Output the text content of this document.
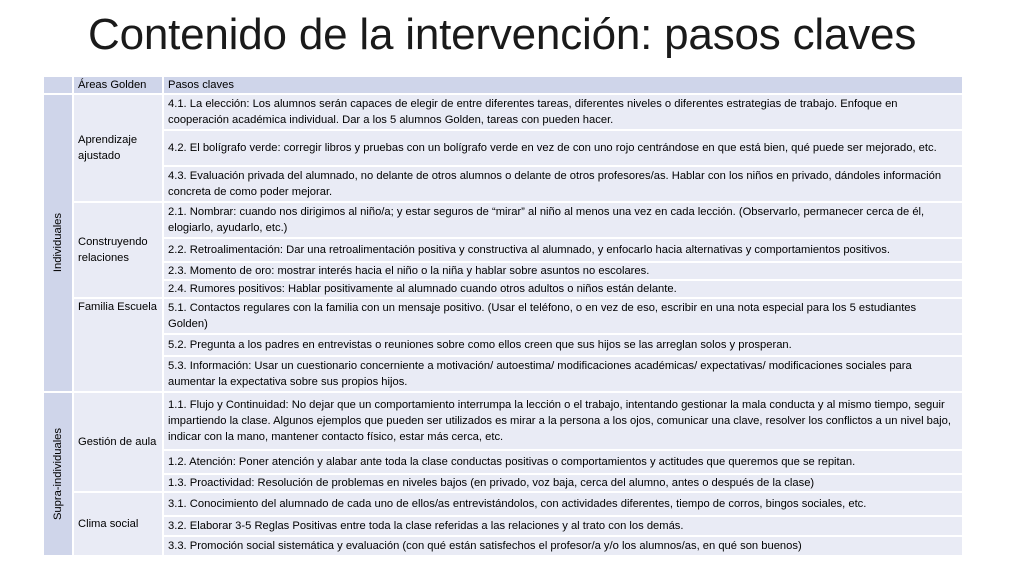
Contenido de la intervención: pasos claves
	Áreas Golden	Pasos claves

Individuales	Aprendizaje ajustado	4.1. La elección: Los alumnos serán capaces de elegir de entre diferentes tareas, diferentes niveles o diferentes estrategias de trabajo. Enfoque en cooperación académica individual. Dar a los 5 alumnos Golden, tareas con pueden hacer.
		4.2. El bolígrafo verde: corregir libros y pruebas con un bolígrafo verde en vez de con uno rojo centrándose en que está bien, qué puede ser mejorado, etc.
		4.3. Evaluación privada del alumnado, no delante de otros alumnos o delante de otros profesores/as. Hablar con los niños en privado, dándoles información concreta de como poder mejorar.
	Construyendo relaciones	2.1. Nombrar: cuando nos dirigimos al niño/a; y estar seguros de “mirar” al niño al menos una vez en cada lección. (Observarlo, permanecer cerca de él, elogiarlo, ayudarlo, etc.)
		2.2. Retroalimentación: Dar una retroalimentación positiva y constructiva al alumnado, y enfocarlo hacia alternativas y comportamientos positivos.
		2.3. Momento de oro: mostrar interés hacia el niño o la niña y hablar sobre asuntos no escolares.
		2.4. Rumores positivos: Hablar positivamente al alumnado cuando otros adultos o niños están delante.
	Familia Escuela	5.1. Contactos regulares con la familia con un mensaje positivo. (Usar el teléfono, o en vez de eso, escribir en una nota especial para los 5 estudiantes Golden)
		5.2. Pregunta a los padres en entrevistas o reuniones sobre como ellos creen que sus hijos se las arreglan solos y prosperan.
		5.3. Información: Usar un cuestionario concerniente a motivación/ autoestima/ modificaciones académicas/ expectativas/ modificaciones sociales para aumentar la expectativa sobre sus propios hijos.

Supra-individuales	Gestión de aula	1.1. Flujo y Continuidad: No dejar que un comportamiento interrumpa la lección o el trabajo, intentando gestionar la mala conducta y al mismo tiempo, seguir impartiendo la clase. Algunos ejemplos que pueden ser utilizados es mirar a la persona a los ojos, comunicar una clave, resolver los conflictos a un nivel bajo, indicar con la mano, mantener contacto físico, estar más cerca, etc.
		1.2. Atención: Poner atención y alabar ante toda la clase conductas positivas o comportamientos y actitudes que queremos que se repitan.
		1.3. Proactividad: Resolución de problemas en niveles bajos (en privado, voz baja, cerca del alumno, antes o después de la clase)
	Clima social	3.1. Conocimiento del alumnado de cada uno de ellos/as entrevistándolos, con actividades diferentes, tiempo de corros, bingos sociales, etc.
		3.2. Elaborar 3-5 Reglas Positivas entre toda la clase referidas a las relaciones y al trato con los demás.
		3.3. Promoción social sistemática y evaluación (con qué están satisfechos el profesor/a y/o los alumnos/as, en qué son buenos)
